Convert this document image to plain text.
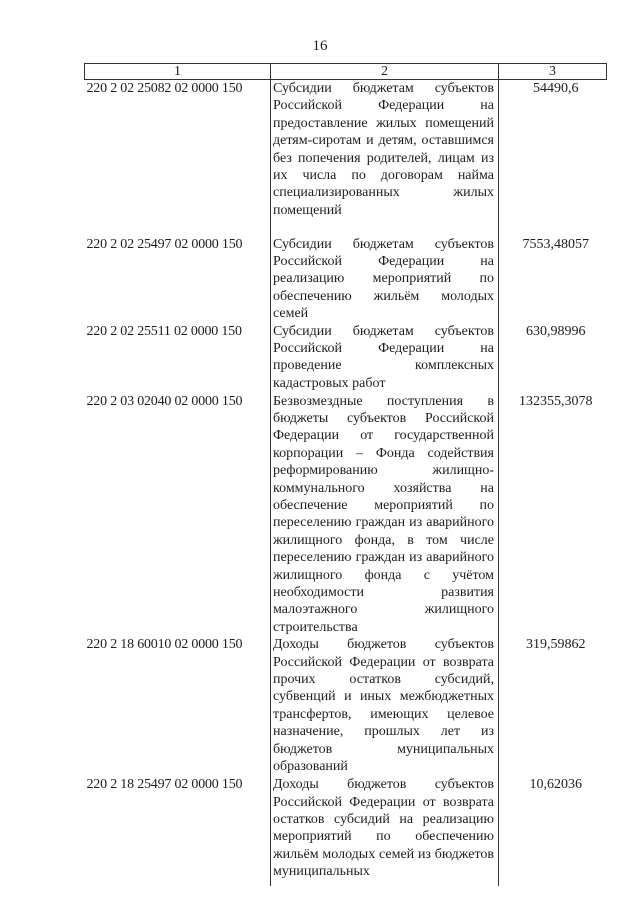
16
1	2	3
220 2 02 25082 02 0000 150	Субсидии бюджетам субъектов Российской Федерации на предоставление жилых помещений детям-сиротам и детям, оставшимся без попечения родителей, лицам из их числа по договорам найма специализированных жилых помещений	54490,6
220 2 02 25497 02 0000 150	Субсидии бюджетам субъектов Российской Федерации на реализацию мероприятий по обеспечению жильём молодых семей	7553,48057
220 2 02 25511 02 0000 150	Субсидии бюджетам субъектов Российской Федерации на проведение комплексных кадастровых работ	630,98996
220 2 03 02040 02 0000 150	Безвозмездные поступления в бюджеты субъектов Российской Федерации от государственной корпорации – Фонда содействия реформированию жилищно-коммунального хозяйства на обеспечение мероприятий по переселению граждан из аварийного жилищного фонда, в том числе переселению граждан из аварийного жилищного фонда с учётом необходимости развития малоэтажного жилищного строительства	132355,3078
220 2 18 60010 02 0000 150	Доходы бюджетов субъектов Российской Федерации от возврата прочих остатков субсидий, субвенций и иных межбюджетных трансфертов, имеющих целевое назначение, прошлых лет из бюджетов муниципальных образований	319,59862
220 2 18 25497 02 0000 150	Доходы бюджетов субъектов Российской Федерации от возврата остатков субсидий на реализацию мероприятий по обеспечению жильём молодых семей из бюджетов муниципальных	10,62036
